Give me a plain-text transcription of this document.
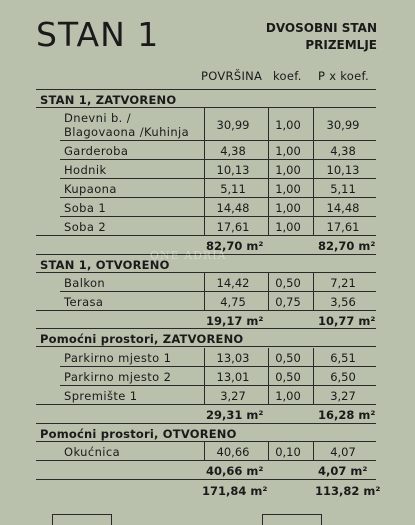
STAN 1	DVOSOBNI STAN
PRIZEMLJE
POVRŠINA koef. P x koef.
STAN 1, ZATVORENO
Dnevni b. /
Blagovaona /Kuhinja	30,99	1,00	30,99
Garderoba	4,38	1,00	4,38
Hodnik	10,13	1,00	10,13
Kupaona	5,11	1,00	5,11
Soba 1	14,48	1,00	14,48
Soba 2	17,61	1,00	17,61
82,70 m²	82,70 m²
ONE ADRIA
STAN 1, OTVORENO
Balkon	14,42	0,50	7,21
Terasa	4,75	0,75	3,56
19,17 m²	10,77 m²
Pomoćni prostori, ZATVORENO
Parkirno mjesto 1	13,03	0,50	6,51
Parkirno mjesto 2	13,01	0,50	6,50
Spremište 1	3,27	1,00	3,27
29,31 m²	16,28 m²
Pomoćni prostori, OTVORENO
Okućnica	40,66	0,10	4,07
40,66 m²	4,07 m²
171,84 m²	113,82 m²
